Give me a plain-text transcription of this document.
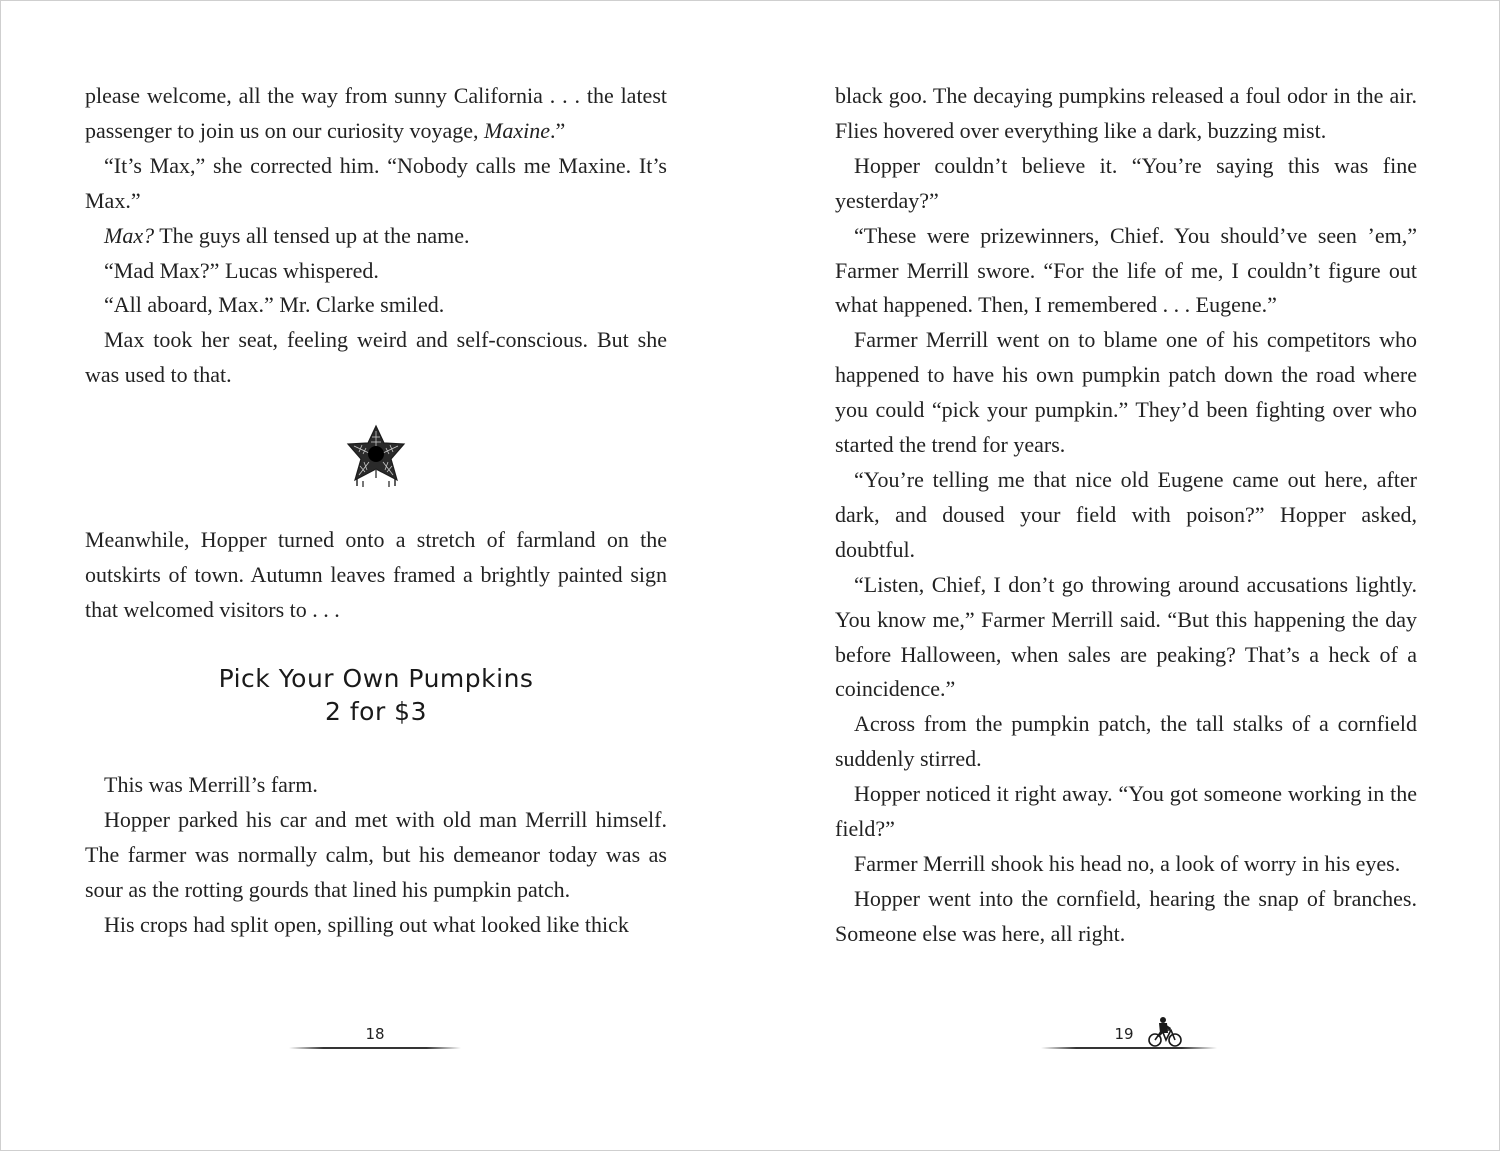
please welcome, all the way from sunny California . . . the latest passenger to join us on our curiosity voyage, Maxine.”

“It’s Max,” she corrected him. “Nobody calls me Maxine. It’s Max.”

Max? The guys all tensed up at the name.

“Mad Max?” Lucas whispered.

“All aboard, Max.” Mr. Clarke smiled.

Max took her seat, feeling weird and self-conscious. But she was used to that.

Meanwhile, Hopper turned onto a stretch of farmland on the outskirts of town. Autumn leaves framed a brightly painted sign that welcomed visitors to . . .

Pick Your Own Pumpkins
2 for $3

This was Merrill’s farm.

Hopper parked his car and met with old man Merrill himself. The farmer was normally calm, but his demeanor today was as sour as the rotting gourds that lined his pumpkin patch.

His crops had split open, spilling out what looked like thick

18

black goo. The decaying pumpkins released a foul odor in the air. Flies hovered over everything like a dark, buzzing mist.

Hopper couldn’t believe it. “You’re saying this was fine yesterday?”

“These were prizewinners, Chief. You should’ve seen ’em,” Farmer Merrill swore. “For the life of me, I couldn’t figure out what happened. Then, I remembered . . . Eugene.”

Farmer Merrill went on to blame one of his competitors who happened to have his own pumpkin patch down the road where you could “pick your pumpkin.” They’d been fighting over who started the trend for years.

“You’re telling me that nice old Eugene came out here, after dark, and doused your field with poison?” Hopper asked, doubtful.

“Listen, Chief, I don’t go throwing around accusations lightly. You know me,” Farmer Merrill said. “But this happening the day before Halloween, when sales are peaking? That’s a heck of a coincidence.”

Across from the pumpkin patch, the tall stalks of a cornfield suddenly stirred.

Hopper noticed it right away. “You got someone working in the field?”

Farmer Merrill shook his head no, a look of worry in his eyes.

Hopper went into the cornfield, hearing the snap of branches. Someone else was here, all right.

19
